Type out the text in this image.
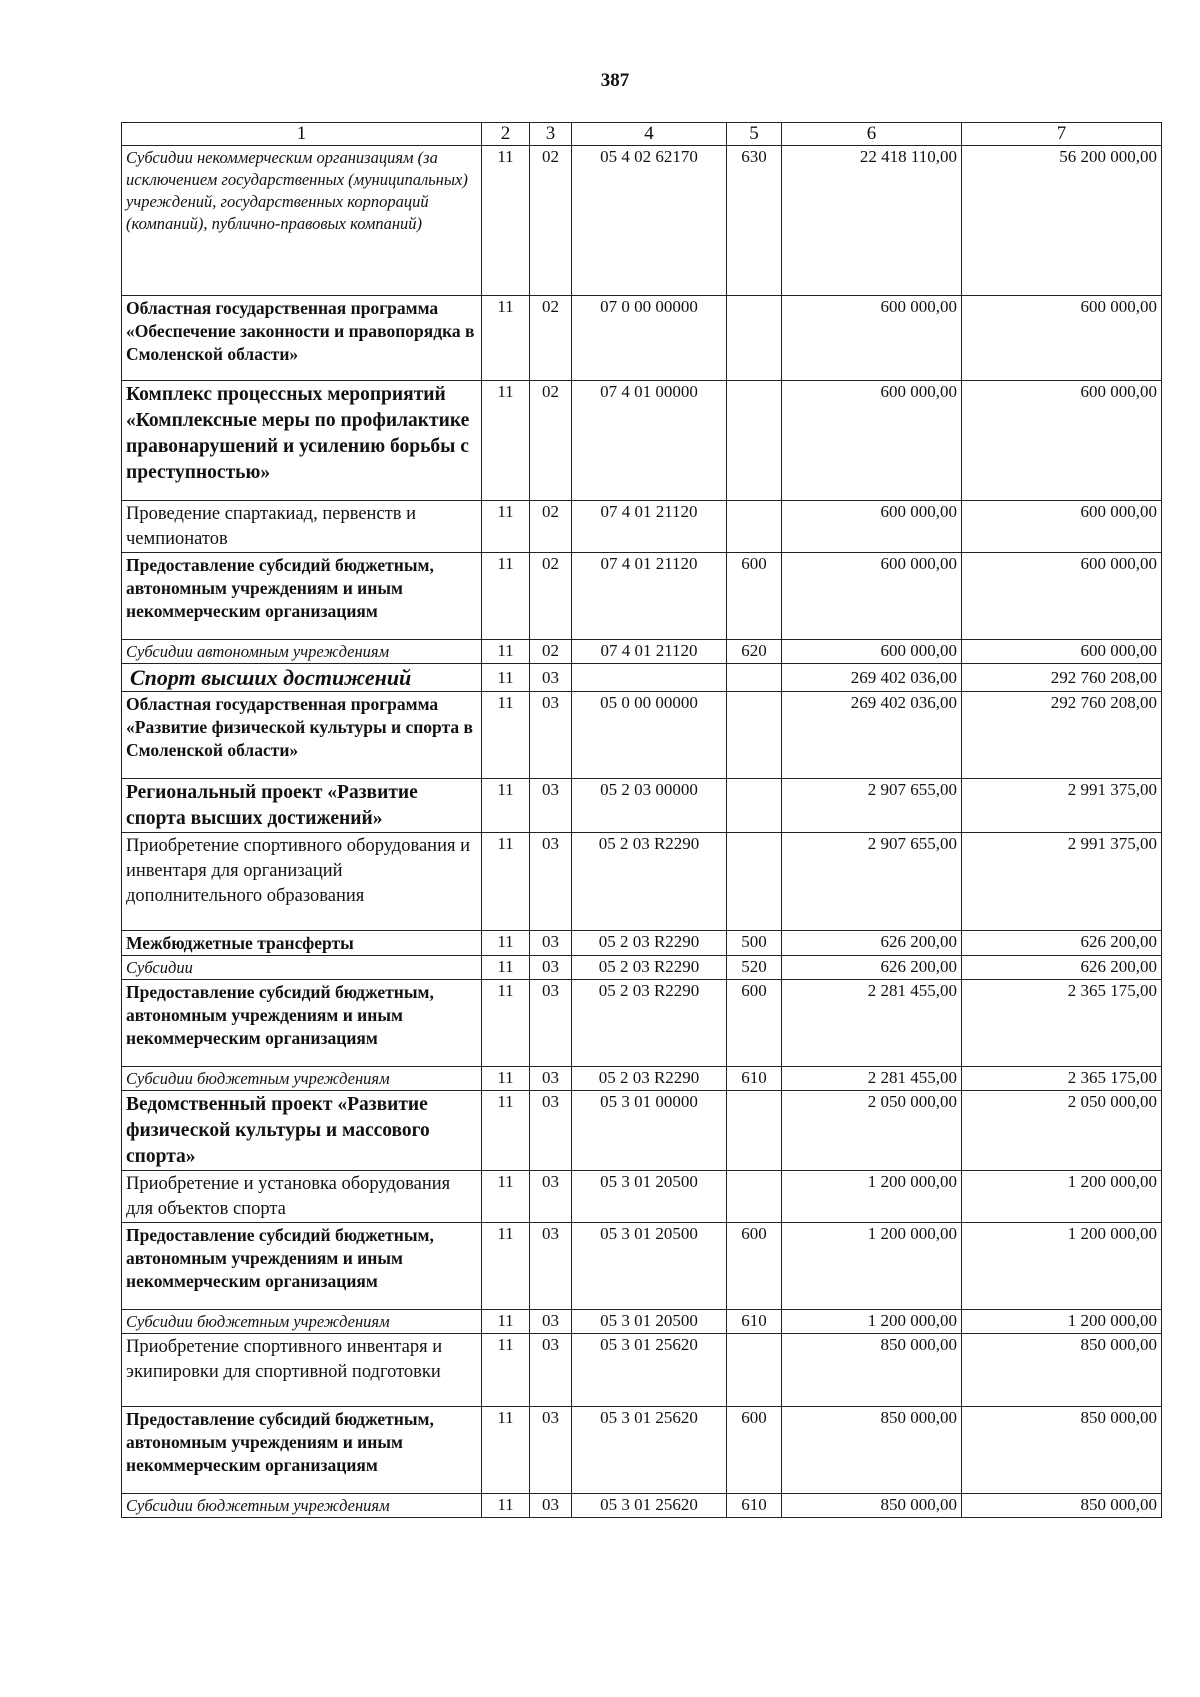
387
1	2	3	4	5	6	7
Субсидии некоммерческим организациям (за исключением государственных (муниципальных) учреждений, государственных корпораций (компаний), публично-правовых компаний)	11	02	05 4 02 62170	630	22 418 110,00	56 200 000,00
Областная государственная программа «Обеспечение законности и правопорядка в Смоленской области»	11	02	07 0 00 00000		600 000,00	600 000,00
Комплекс процессных мероприятий «Комплексные меры по профилактике правонарушений и усилению борьбы с преступностью»	11	02	07 4 01 00000		600 000,00	600 000,00
Проведение спартакиад, первенств и чемпионатов	11	02	07 4 01 21120		600 000,00	600 000,00
Предоставление субсидий бюджетным, автономным учреждениям и иным некоммерческим организациям	11	02	07 4 01 21120	600	600 000,00	600 000,00
Субсидии автономным учреждениям	11	02	07 4 01 21120	620	600 000,00	600 000,00
Спорт высших достижений	11	03			269 402 036,00	292 760 208,00
Областная государственная программа «Развитие физической культуры и спорта в Смоленской области»	11	03	05 0 00 00000		269 402 036,00	292 760 208,00
Региональный проект «Развитие спорта высших достижений»	11	03	05 2 03 00000		2 907 655,00	2 991 375,00
Приобретение спортивного оборудования и инвентаря для организаций дополнительного образования	11	03	05 2 03 R2290		2 907 655,00	2 991 375,00
Межбюджетные трансферты	11	03	05 2 03 R2290	500	626 200,00	626 200,00
Субсидии	11	03	05 2 03 R2290	520	626 200,00	626 200,00
Предоставление субсидий бюджетным, автономным учреждениям и иным некоммерческим организациям	11	03	05 2 03 R2290	600	2 281 455,00	2 365 175,00
Субсидии бюджетным учреждениям	11	03	05 2 03 R2290	610	2 281 455,00	2 365 175,00
Ведомственный проект «Развитие физической культуры и массового спорта»	11	03	05 3 01 00000		2 050 000,00	2 050 000,00
Приобретение и установка оборудования для объектов спорта	11	03	05 3 01 20500		1 200 000,00	1 200 000,00
Предоставление субсидий бюджетным, автономным учреждениям и иным некоммерческим организациям	11	03	05 3 01 20500	600	1 200 000,00	1 200 000,00
Субсидии бюджетным учреждениям	11	03	05 3 01 20500	610	1 200 000,00	1 200 000,00
Приобретение спортивного инвентаря и экипировки для спортивной подготовки	11	03	05 3 01 25620		850 000,00	850 000,00
Предоставление субсидий бюджетным, автономным учреждениям и иным некоммерческим организациям	11	03	05 3 01 25620	600	850 000,00	850 000,00
Субсидии бюджетным учреждениям	11	03	05 3 01 25620	610	850 000,00	850 000,00
